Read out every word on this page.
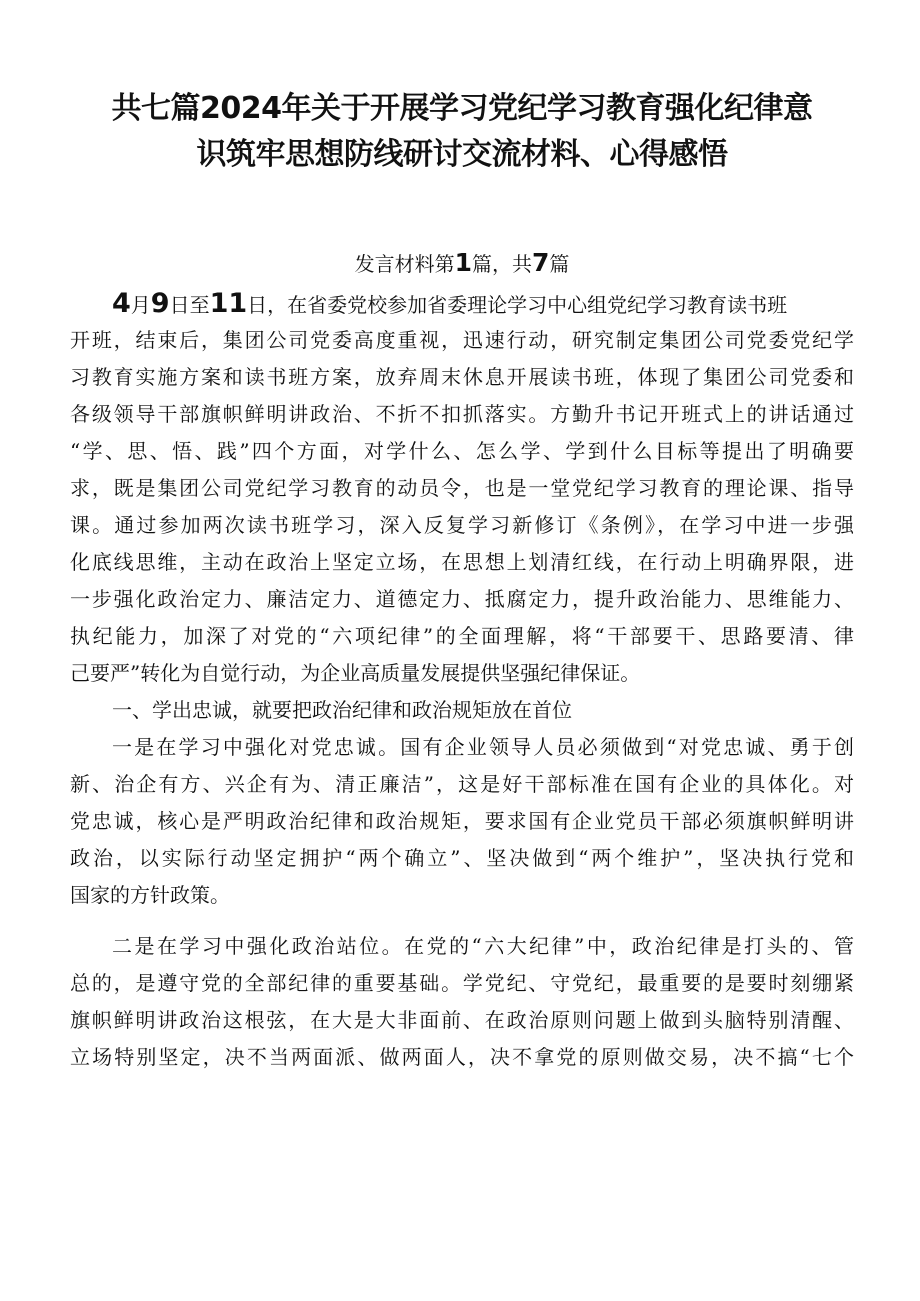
共七篇2024年关于开展学习党纪学习教育强化纪律意
识筑牢思想防线研讨交流材料、心得感悟
发言材料第1篇，共7篇
4月9日至11日，在省委党校参加省委理论学习中心组党纪学习教育读书班
开班，结束后，集团公司党委高度重视，迅速行动，研究制定集团公司党委党纪学
习教育实施方案和读书班方案，放弃周末休息开展读书班，体现了集团公司党委和
各级领导干部旗帜鲜明讲政治、不折不扣抓落实。方勤升书记开班式上的讲话通过
“学、思、悟、践”四个方面，对学什么、怎么学、学到什么目标等提出了明确要
求，既是集团公司党纪学习教育的动员令，也是一堂党纪学习教育的理论课、指导
课。通过参加两次读书班学习，深入反复学习新修订《条例》，在学习中进一步强
化底线思维，主动在政治上坚定立场，在思想上划清红线，在行动上明确界限，进
一步强化政治定力、廉洁定力、道德定力、抵腐定力，提升政治能力、思维能力、
执纪能力，加深了对党的“六项纪律”的全面理解，将“干部要干、思路要清、律
己要严”转化为自觉行动，为企业高质量发展提供坚强纪律保证。
一、学出忠诚，就要把政治纪律和政治规矩放在首位
一是在学习中强化对党忠诚。国有企业领导人员必须做到“对党忠诚、勇于创
新、治企有方、兴企有为、清正廉洁”，这是好干部标准在国有企业的具体化。对
党忠诚，核心是严明政治纪律和政治规矩，要求国有企业党员干部必须旗帜鲜明讲
政治，以实际行动坚定拥护“两个确立”、坚决做到“两个维护”，坚决执行党和
国家的方针政策。
二是在学习中强化政治站位。在党的“六大纪律”中，政治纪律是打头的、管
总的，是遵守党的全部纪律的重要基础。学党纪、守党纪，最重要的是要时刻绷紧
旗帜鲜明讲政治这根弦，在大是大非面前、在政治原则问题上做到头脑特别清醒、
立场特别坚定，决不当两面派、做两面人，决不拿党的原则做交易，决不搞“七个
